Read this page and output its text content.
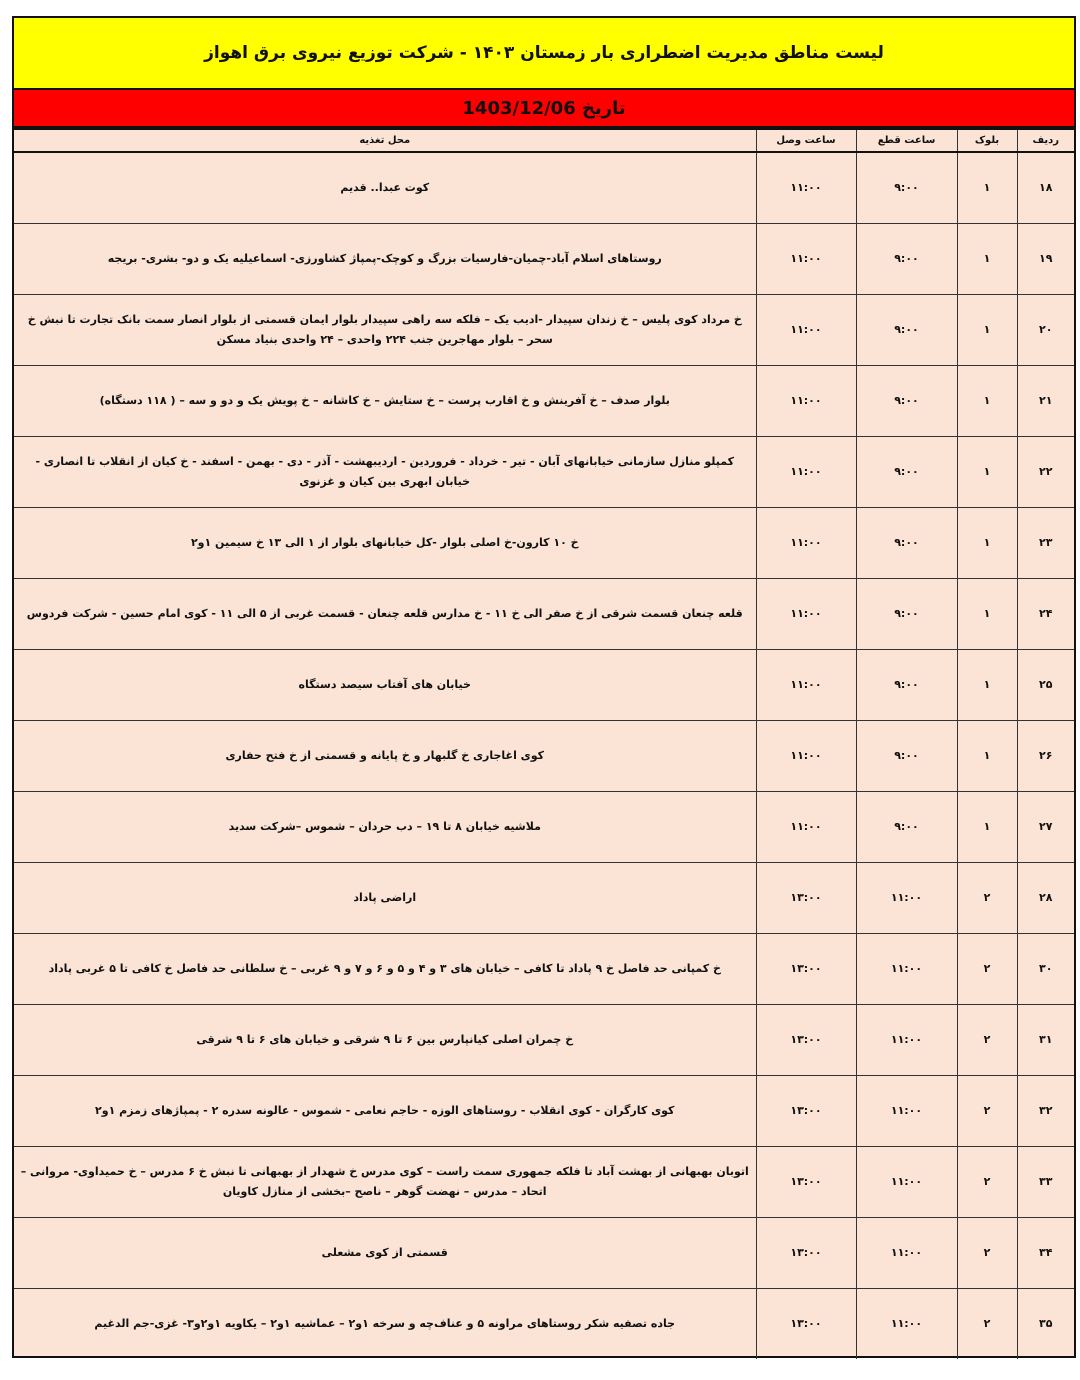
لیست مناطق مدیریت اضطراری بار زمستان ۱۴۰۳ - شرکت توزیع نیروی برق اهواز
تاریخ 1403/12/06
ردیف	بلوک	ساعت قطع	ساعت وصل	محل تغذیه
۱۸	۱	۹:۰۰	۱۱:۰۰	کوت عبدا.. قدیم
۱۹	۱	۹:۰۰	۱۱:۰۰	روستاهای اسلام آباد-چمیان-فارسیات بزرگ و کوچک-پمپاژ کشاورزی- اسماعیلیه یک و دو- بشری- بریجه
۲۰	۱	۹:۰۰	۱۱:۰۰	خ مرداد کوی پلیس – خ زندان سپیدار -ادیب یک – فلکه سه راهی سپیدار بلوار ایمان قسمتی از بلوار انصار سمت بانک تجارت تا نبش خ سحر – بلوار مهاجرین جنب ۲۲۴ واحدی – ۲۴ واحدی بنیاد مسکن
۲۱	۱	۹:۰۰	۱۱:۰۰	بلوار صدف – خ آفرینش و خ اقارب پرست – خ ستایش – خ کاشانه – خ پویش یک و دو و سه – ( ۱۱۸ دستگاه)
۲۲	۱	۹:۰۰	۱۱:۰۰	کمپلو منازل سازمانی خیابانهای آبان - تیر - خرداد - فروردین - اردیبهشت - آذر - دی - بهمن - اسفند - خ کیان از انقلاب تا انصاری - خیابان ابهری بین کیان و غزنوی
۲۳	۱	۹:۰۰	۱۱:۰۰	خ ۱۰ کارون-خ اصلی بلوار -کل خیابانهای بلوار از ۱ الی ۱۳ خ سیمین ۱و۲
۲۴	۱	۹:۰۰	۱۱:۰۰	قلعه چنعان قسمت شرقی از خ صفر الی خ ۱۱ - خ مدارس قلعه چنعان - قسمت غربی از ۵ الی ۱۱ - کوی امام حسین - شرکت فردوس
۲۵	۱	۹:۰۰	۱۱:۰۰	خیابان های آفتاب سیصد دستگاه
۲۶	۱	۹:۰۰	۱۱:۰۰	کوی اغاجاری خ گلبهار و خ پایانه و قسمتی از خ فتح حفاری
۲۷	۱	۹:۰۰	۱۱:۰۰	ملاشیه خیابان ۸ تا ۱۹ – دب حردان – شموس –شرکت سدید
۲۸	۲	۱۱:۰۰	۱۳:۰۰	اراضی پاداد
۳۰	۲	۱۱:۰۰	۱۳:۰۰	خ کمپانی حد فاصل خ ۹ پاداد تا کافی – خیابان های ۳ و ۴ و ۵ و ۶ و ۷ و ۹ غربی – خ سلطانی حد فاصل خ کافی تا ۵ غربی پاداد
۳۱	۲	۱۱:۰۰	۱۳:۰۰	خ چمران اصلی کیانپارس بین ۶ تا ۹ شرقی و خیابان های ۶ تا ۹ شرقی
۳۲	۲	۱۱:۰۰	۱۳:۰۰	کوی کارگران - کوی انقلاب - روستاهای الوزه - حاجم نعامی - شموس - عالونه سدره ۲ - پمپاژهای زمزم ۱و۲
۳۳	۲	۱۱:۰۰	۱۳:۰۰	اتوبان بهبهانی از بهشت آباد تا فلکه جمهوری سمت راست – کوی مدرس خ شهدار از بهبهانی تا نبش خ ۶ مدرس – خ حمیداوی- مروانی – اتحاد – مدرس – نهضت گوهر – ناصح –بخشی از منازل کاویان
۳۴	۲	۱۱:۰۰	۱۳:۰۰	قسمتی از کوی مشعلی
۳۵	۲	۱۱:۰۰	۱۳:۰۰	جاده تصفیه شکر روستاهای مراونه ۵ و عناف‌چه و سرخه ۱و۲ – عماشیه ۱و۲ – یکاویه ۱و۲و۳- غزی-جم الدغیم
